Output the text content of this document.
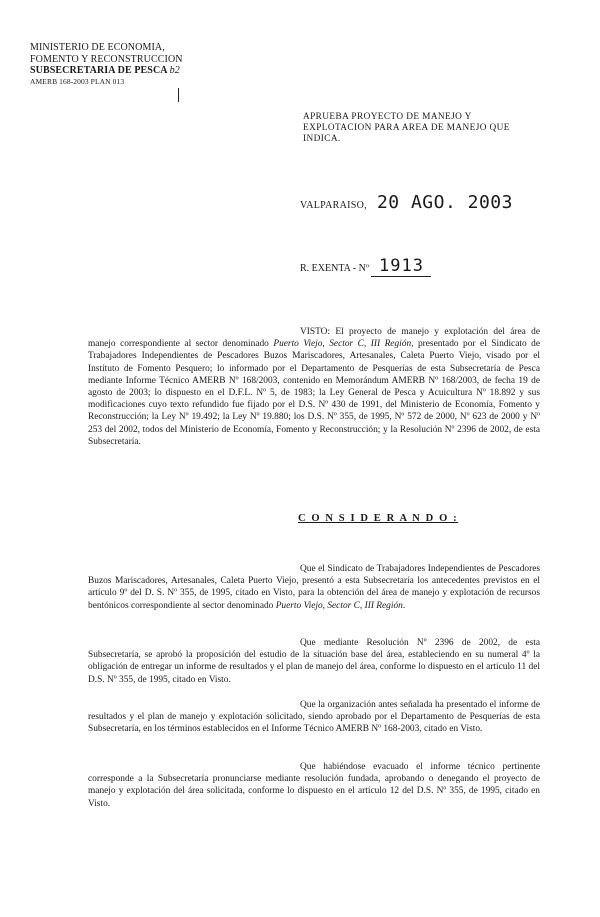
MINISTERIO DE ECONOMIA,
FOMENTO Y RECONSTRUCCION
SUBSECRETARIA DE PESCA b2
AMERB 168-2003 PLAN 013
APRUEBA PROYECTO DE MANEJO Y EXPLOTACION PARA AREA DE MANEJO QUE INDICA.
VALPARAISO, 20 AGO. 2003
R. EXENTA - Nº 1913
VISTO: El proyecto de manejo y explotación del área de manejo correspondiente al sector denominado Puerto Viejo, Sector C, III Región, presentado por el Sindicato de Trabajadores Independientes de Pescadores Buzos Mariscadores, Artesanales, Caleta Puerto Viejo, visado por el Instituto de Fomento Pesquero; lo informado por el Departamento de Pesquerías de esta Subsecretaría de Pesca mediante Informe Técnico AMERB Nº 168/2003, contenido en Memorándum AMERB Nº 168/2003, de fecha 19 de agosto de 2003; lo dispuesto en el D.F.L. Nº 5, de 1983; la Ley General de Pesca y Acuicultura Nº 18.892 y sus modificaciones cuyo texto refundido fue fijado por el D.S. Nº 430 de 1991, del Ministerio de Economía, Fomento y Reconstrucción; la Ley Nº 19.492; la Ley Nº 19.880; los D.S. Nº 355, de 1995, Nº 572 de 2000, Nº 623 de 2000 y Nº 253 del 2002, todos del Ministerio de Economía, Fomento y Reconstrucción; y la Resolución Nº 2396 de 2002, de esta Subsecretaría.
C O N S I D E R A N D O :
Que el Sindicato de Trabajadores Independientes de Pescadores Buzos Mariscadores, Artesanales, Caleta Puerto Viejo, presentó a esta Subsecretaría los antecedentes previstos en el artículo 9º del D. S. Nº 355, de 1995, citado en Visto, para la obtención del área de manejo y explotación de recursos bentónicos correspondiente al sector denominado Puerto Viejo, Sector C, III Región.
Que mediante Resolución Nº 2396 de 2002, de esta Subsecretaría, se aprobó la proposición del estudio de la situación base del área, estableciendo en su numeral 4º la obligación de entregar un informe de resultados y el plan de manejo del área, conforme lo dispuesto en el artículo 11 del D.S. Nº 355, de 1995, citado en Visto.
Que la organización antes señalada ha presentado el informe de resultados y el plan de manejo y explotación solicitado, siendo aprobado por el Departamento de Pesquerías de esta Subsecretaría, en los términos establecidos en el Informe Técnico AMERB Nº 168-2003, citado en Visto.
Que habiéndose evacuado el informe técnico pertinente corresponde a la Subsecretaría pronunciarse mediante resolución fundada, aprobando o denegando el proyecto de manejo y explotación del área solicitada, conforme lo dispuesto en el artículo 12 del D.S. Nº 355, de 1995, citado en Visto.
